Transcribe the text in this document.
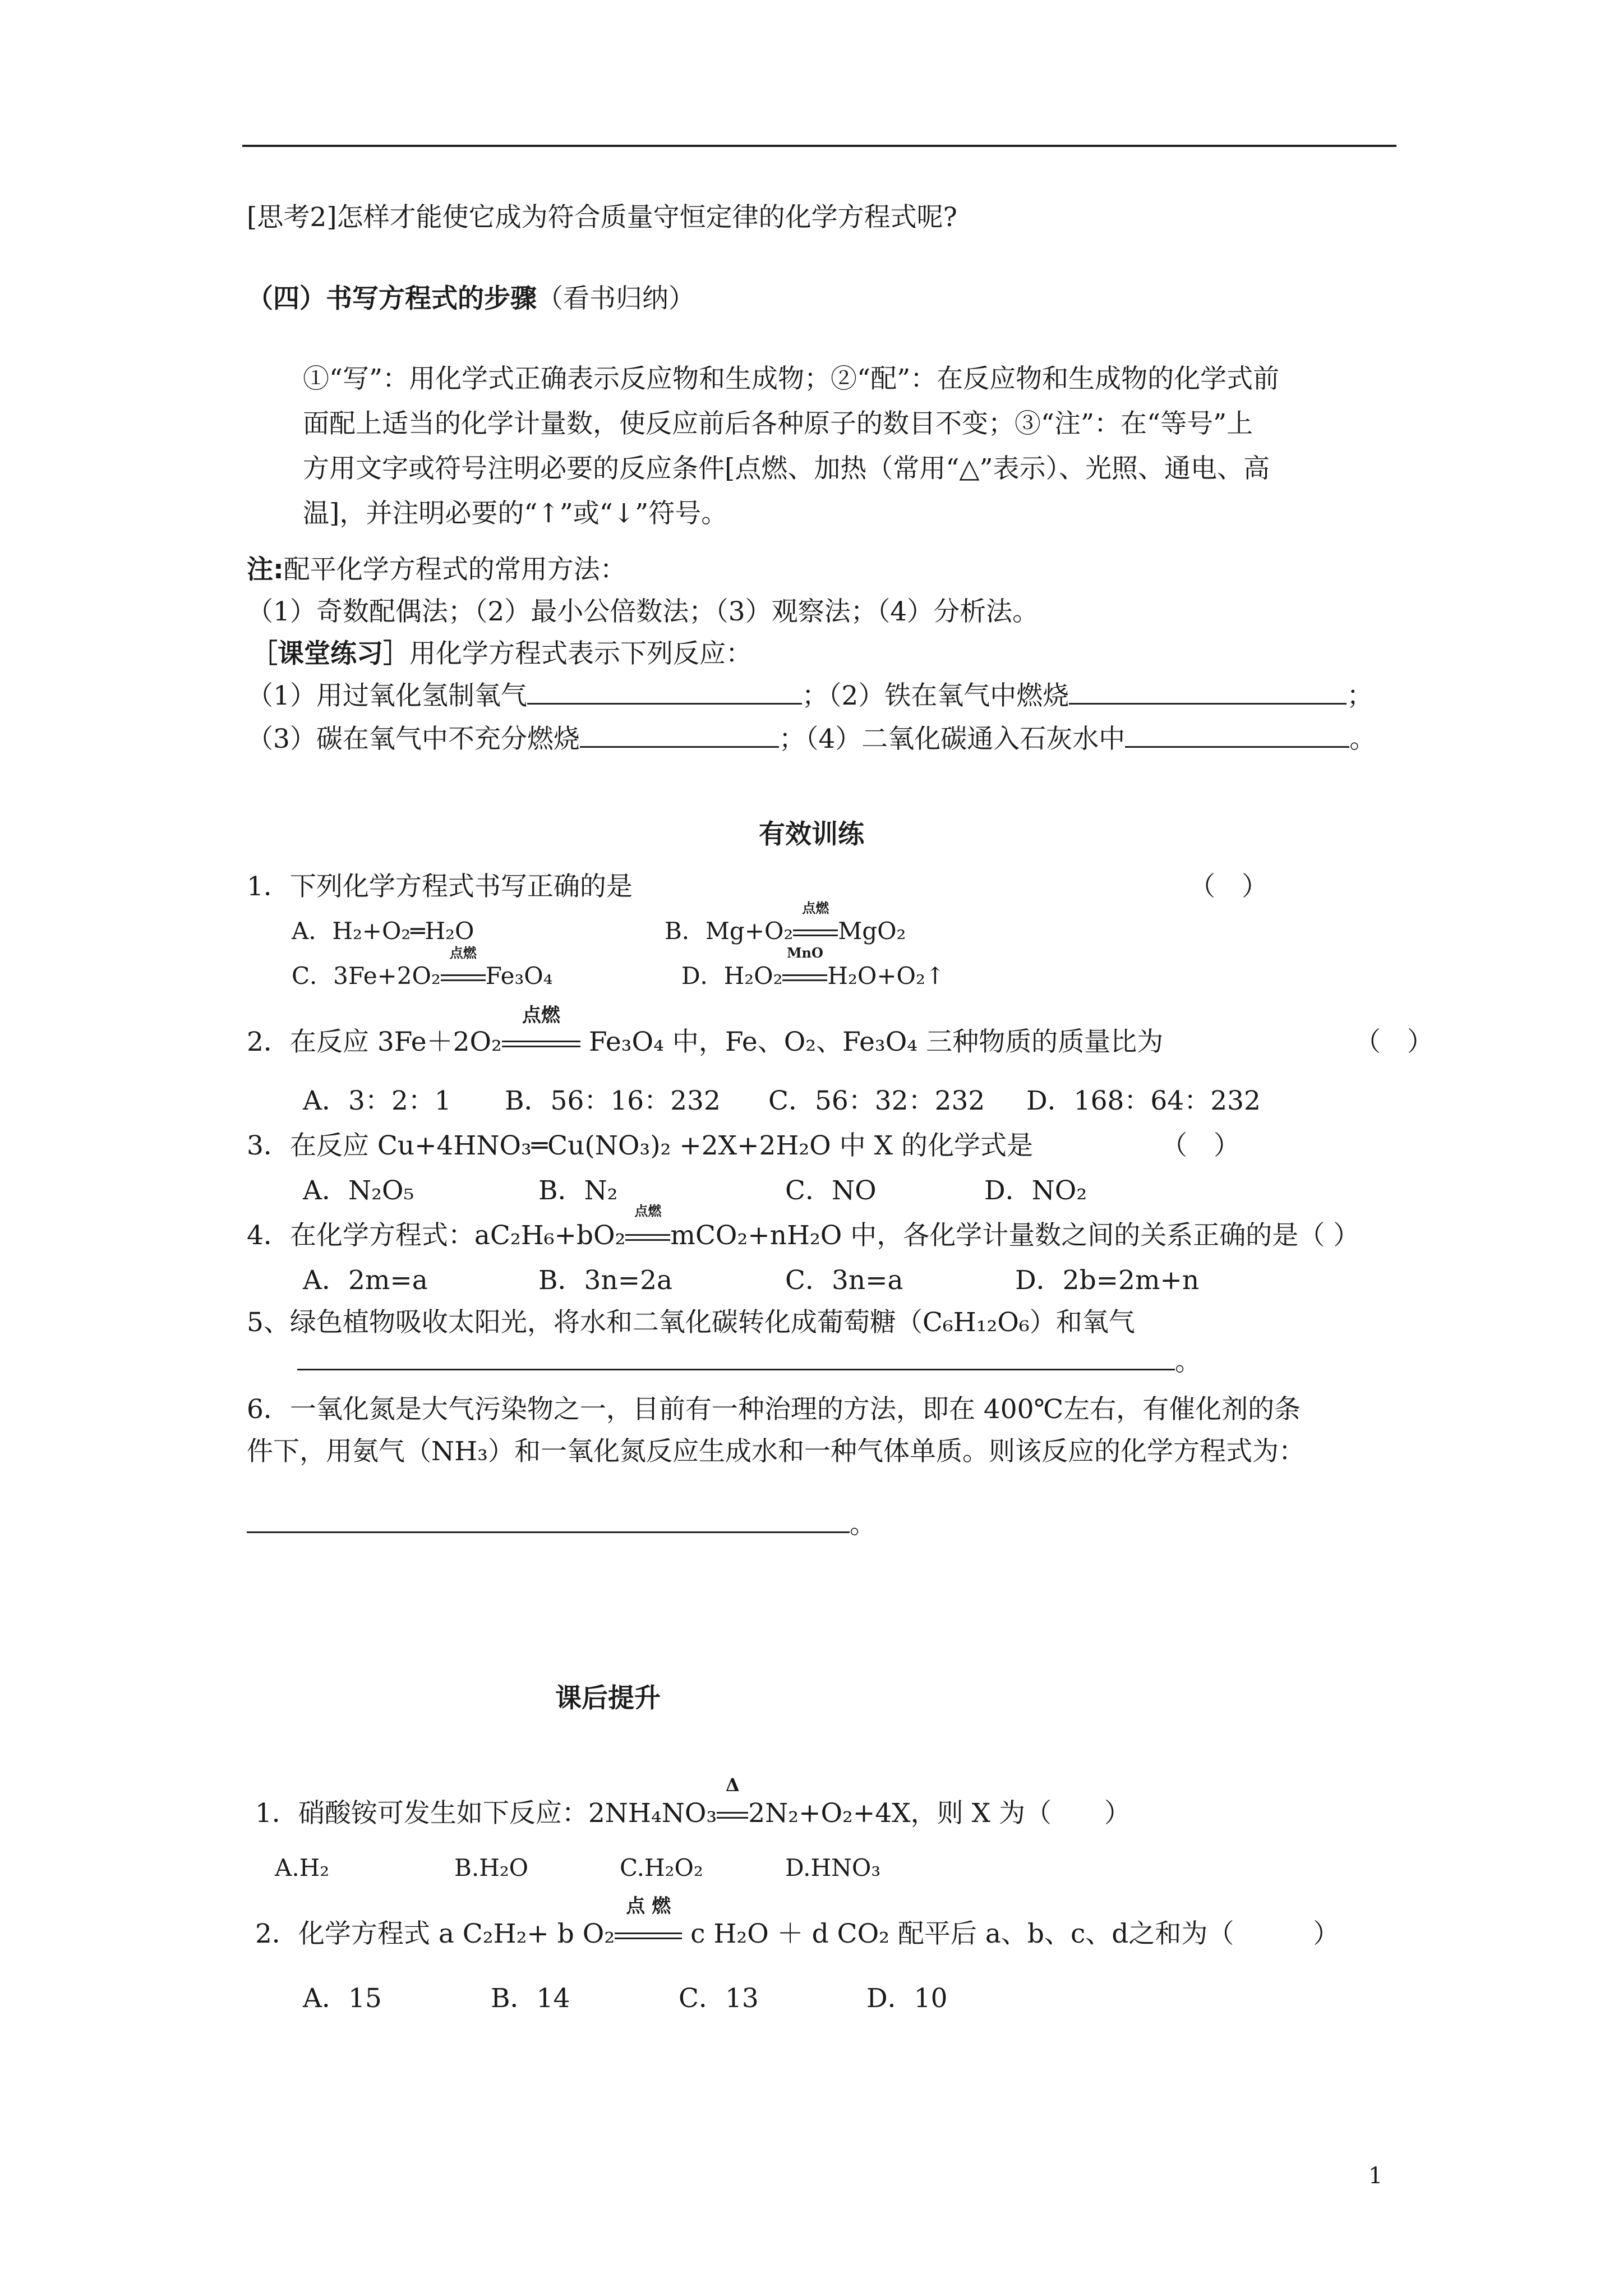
[思考2]怎样才能使它成为符合质量守恒定律的化学方程式呢?
（四）书写方程式的步骤（看书归纳）
①“写”：用化学式正确表示反应物和生成物；②“配”：在反应物和生成物的化学式前
面配上适当的化学计量数，使反应前后各种原子的数目不变；③“注”：在“等号”上
方用文字或符号注明必要的反应条件[点燃、加热（常用“△”表示）、光照、通电、高
温]，并注明必要的“↑”或“↓”符号。
注:配平化学方程式的常用方法：
（1）奇数配偶法；（2）最小公倍数法；（3）观察法；（4）分析法。
［课堂练习］用化学方程式表示下列反应：
（1）用过氧化氢制氧气	；（2）铁在氧气中燃烧	；
（3）碳在氧气中不充分燃烧	；（4）二氧化碳通入石灰水中	。
有效训练
1．下列化学方程式书写正确的是	（　）
A．H₂+O₂═H₂O	B．Mg+O₂
点燃
MgO₂
C．3Fe+2O₂
点燃
Fe₃O₄	D．H₂O₂
MnO
H₂O+O₂↑
2．在反应 3Fe＋2O₂
点燃
Fe₃O₄ 中，Fe、O₂、Fe₃O₄ 三种物质的质量比为	（　）
A．3：2：1 B．56：16：232 C．56：32：232 D．168：64：232
3．在反应 Cu+4HNO₃═Cu(NO₃)₂ +2X+2H₂O 中 X 的化学式是	（　）
A．N₂O₅	B．N₂	C．NO	D．NO₂
4．在化学方程式：aC₂H₆+bO₂
点燃
mCO₂+nH₂O 中，各化学计量数之间的关系正确的是（ ）
A．2m=a	B．3n=2a	C．3n=a	D．2b=2m+n
5、绿色植物吸收太阳光，将水和二氧化碳转化成葡萄糖（C₆H₁₂O₆）和氧气
。
6．一氧化氮是大气污染物之一，目前有一种治理的方法，即在 400℃左右，有催化剂的条
件下，用氨气（NH₃）和一氧化氮反应生成水和一种气体单质。则该反应的化学方程式为：
。
课后提升
1．硝酸铵可发生如下反应：2NH₄NO₃
Δ
2N₂+O₂+4X，则 X 为（　　）
A.H₂	B.H₂O	C.H₂O₂	D.HNO₃
2．化学方程式 a C₂H₂+ b O₂
点 燃
c H₂O ＋ d CO₂ 配平后 a、b、c、d之和为（　　　）
A．15	B．14	C．13	D．10
1
